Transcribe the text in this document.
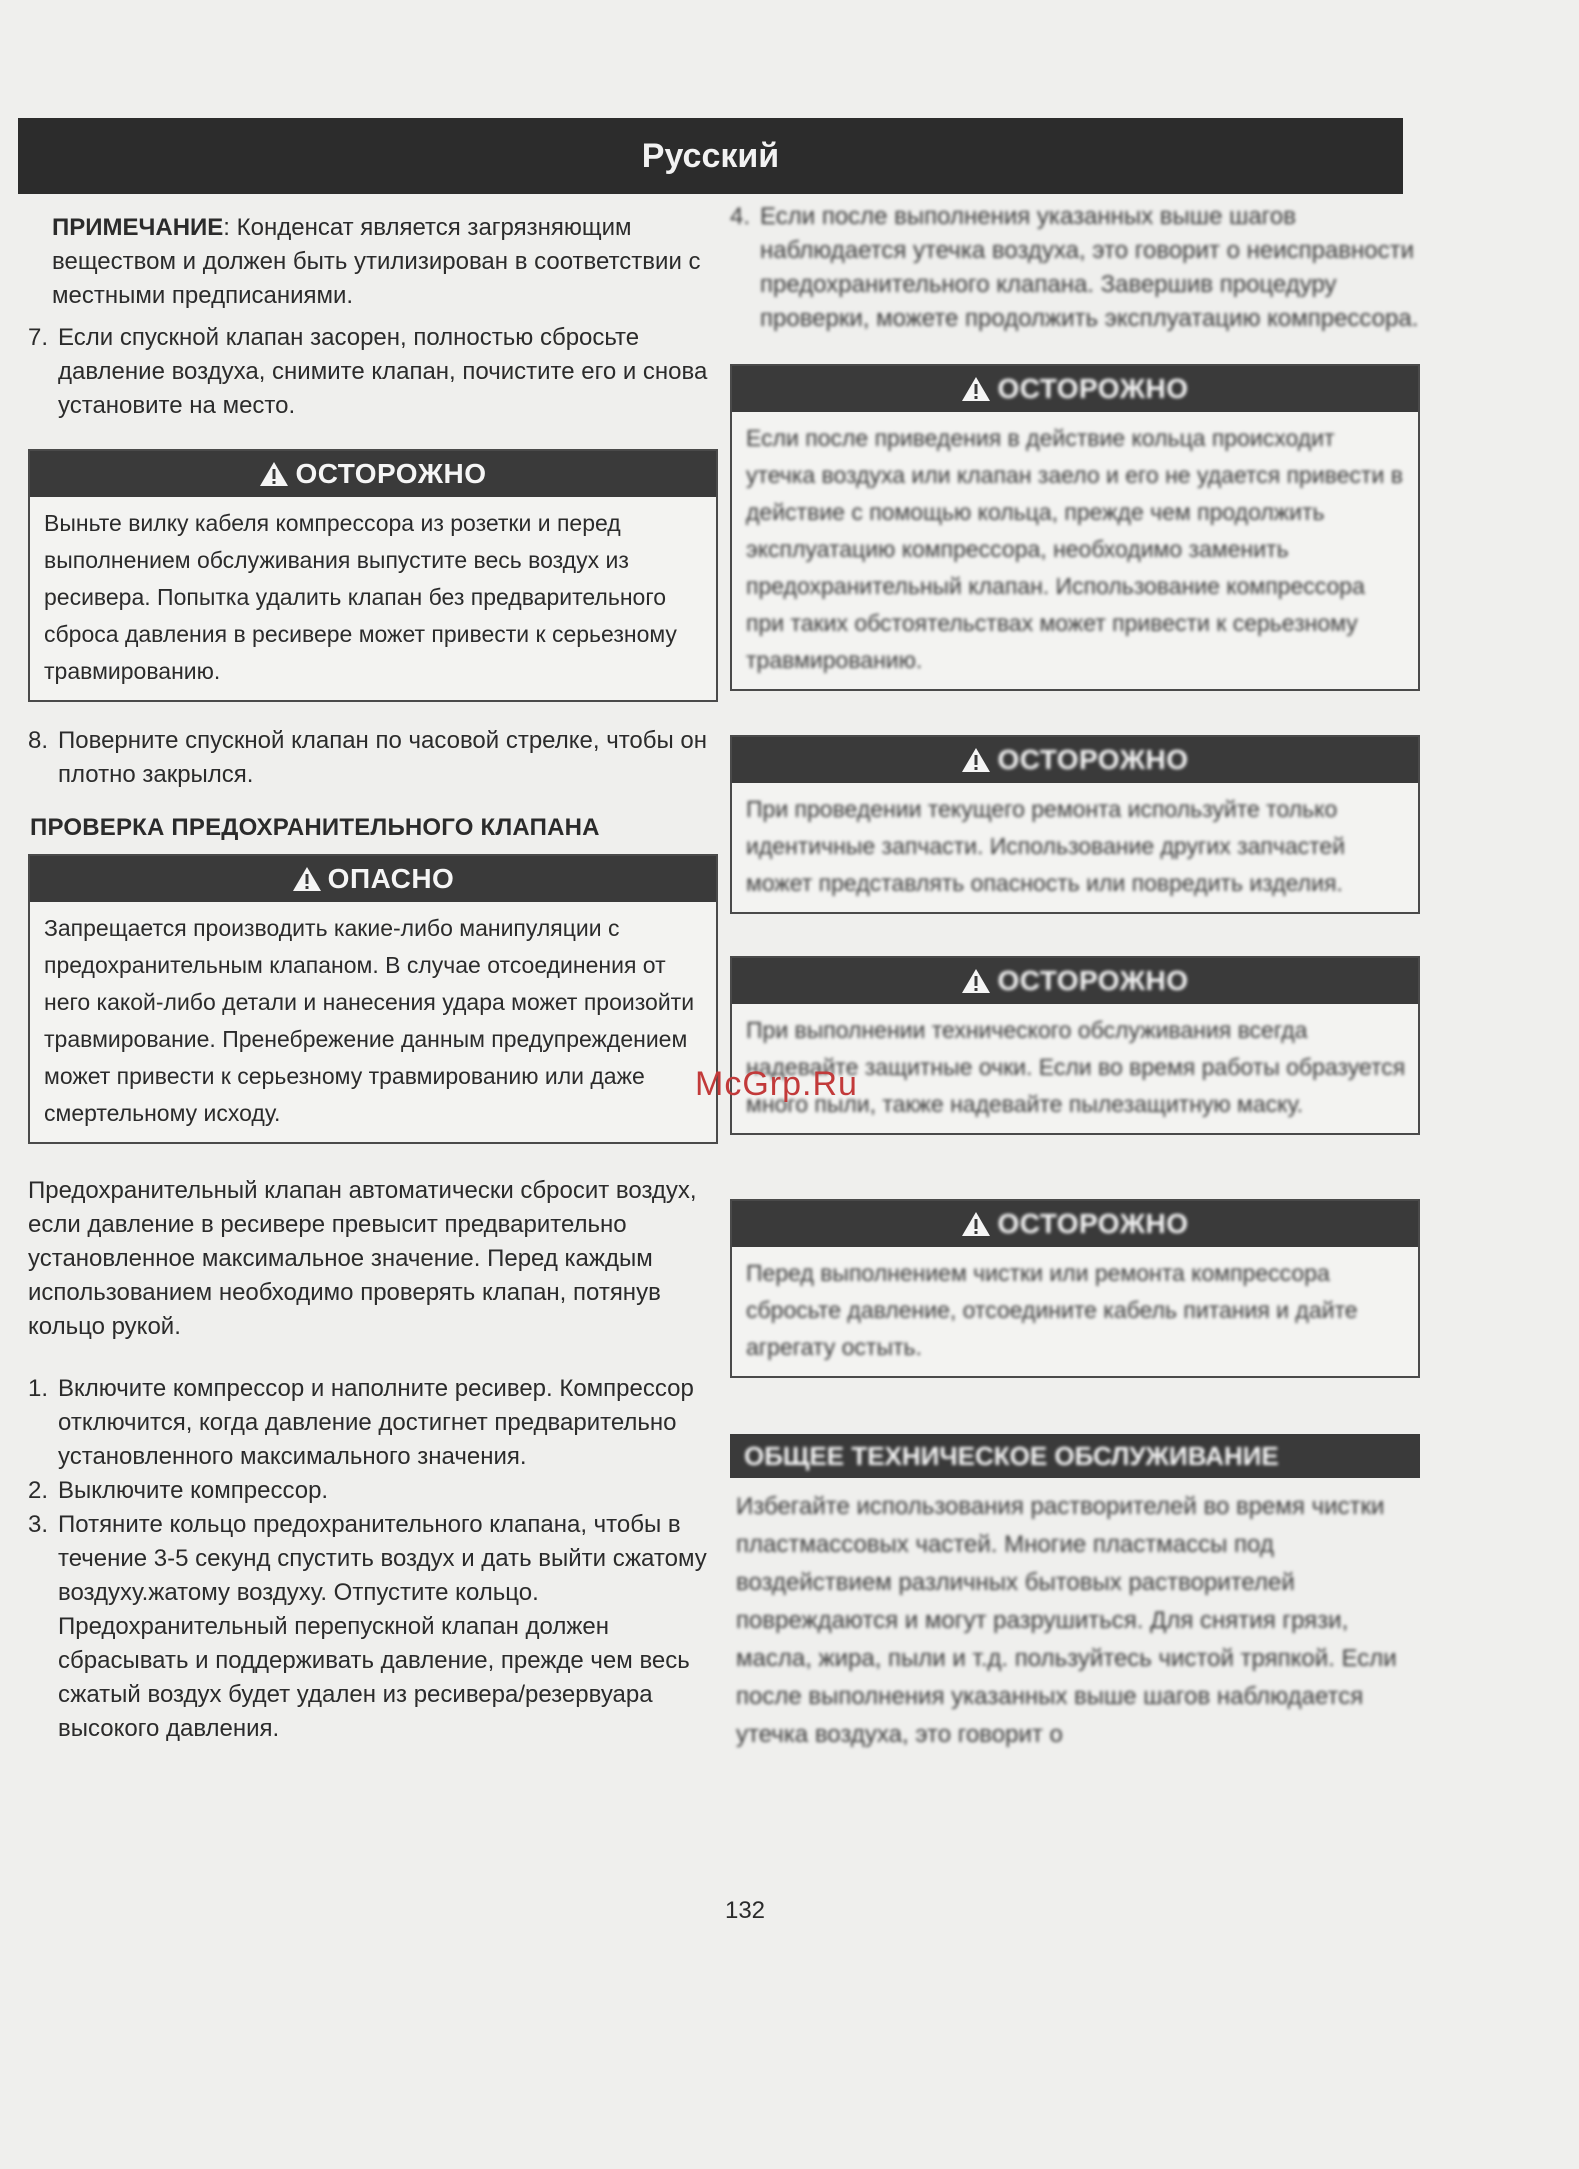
Русский

ПРИМЕЧАНИЕ: Конденсат является загрязняющим веществом и должен быть утилизирован в соответствии с местными предписаниями.

7. Если спускной клапан засорен, полностью сбросьте давление воздуха, снимите клапан, почистите его и снова установите на место.
ОСТОРОЖНО
Выньте вилку кабеля компрессора из розетки и перед выполнением обслуживания выпустите весь воздух из ресивера. Попытка удалить клапан без предварительного сброса давления в ресивере может привести к серьезному травмированию.
8. Поверните спускной клапан по часовой стрелке, чтобы он плотно закрылся.
ПРОВЕРКА ПРЕДОХРАНИТЕЛЬНОГО КЛАПАНА
ОПАСНО
Запрещается производить какие-либо манипуляции с предохранительным клапаном. В случае отсоединения от него какой-либо детали и нанесения удара может произойти травмирование. Пренебрежение данным предупреждением может привести к серьезному травмированию или даже смертельному исходу.

Предохранительный клапан автоматически сбросит воздух, если давление в ресивере превысит предварительно установленное максимальное значение. Перед каждым использованием необходимо проверять клапан, потянув кольцо рукой.

1. Включите компрессор и наполните ресивер. Компрессор отключится, когда давление достигнет предварительно установленного максимального значения.
2. Выключите компрессор.
3. Потяните кольцо предохранительного клапана, чтобы в течение 3-5 секунд спустить воздух и дать выйти сжатому воздуху.жатому воздуху. Отпустите кольцо. Предохранительный перепускной клапан должен сбрасывать и поддерживать давление, прежде чем весь сжатый воздух будет удален из ресивера/резервуара высокого давления.
4. Если после выполнения указанных выше шагов наблюдается утечка воздуха, это говорит о неисправности предохранительного клапана. Завершив процедуру проверки, можете продолжить эксплуатацию компрессора.
ОСТОРОЖНО
Если после приведения в действие кольца происходит утечка воздуха или клапан заело и его не удается привести в действие с помощью кольца, прежде чем продолжить эксплуатацию компрессора, необходимо заменить предохранительный клапан. Использование компрессора при таких обстоятельствах может привести к серьезному травмированию.
ОСТОРОЖНО
При проведении текущего ремонта используйте только идентичные запчасти. Использование других запчастей может представлять опасность или повредить изделия.
ОСТОРОЖНО
При выполнении технического обслуживания всегда надевайте защитные очки. Если во время работы образуется много пыли, также надевайте пылезащитную маску.
ОСТОРОЖНО
Перед выполнением чистки или ремонта компрессора сбросьте давление, отсоедините кабель питания и дайте агрегату остыть.
ОБЩЕЕ ТЕХНИЧЕСКОЕ ОБСЛУЖИВАНИЕ

Избегайте использования растворителей во время чистки пластмассовых частей. Многие пластмассы под воздействием различных бытовых растворителей повреждаются и могут разрушиться. Для снятия грязи, масла, жира, пыли и т.д. пользуйтесь чистой тряпкой. Если после выполнения указанных выше шагов наблюдается утечка воздуха, это говорит о

McGrp.Ru
132
